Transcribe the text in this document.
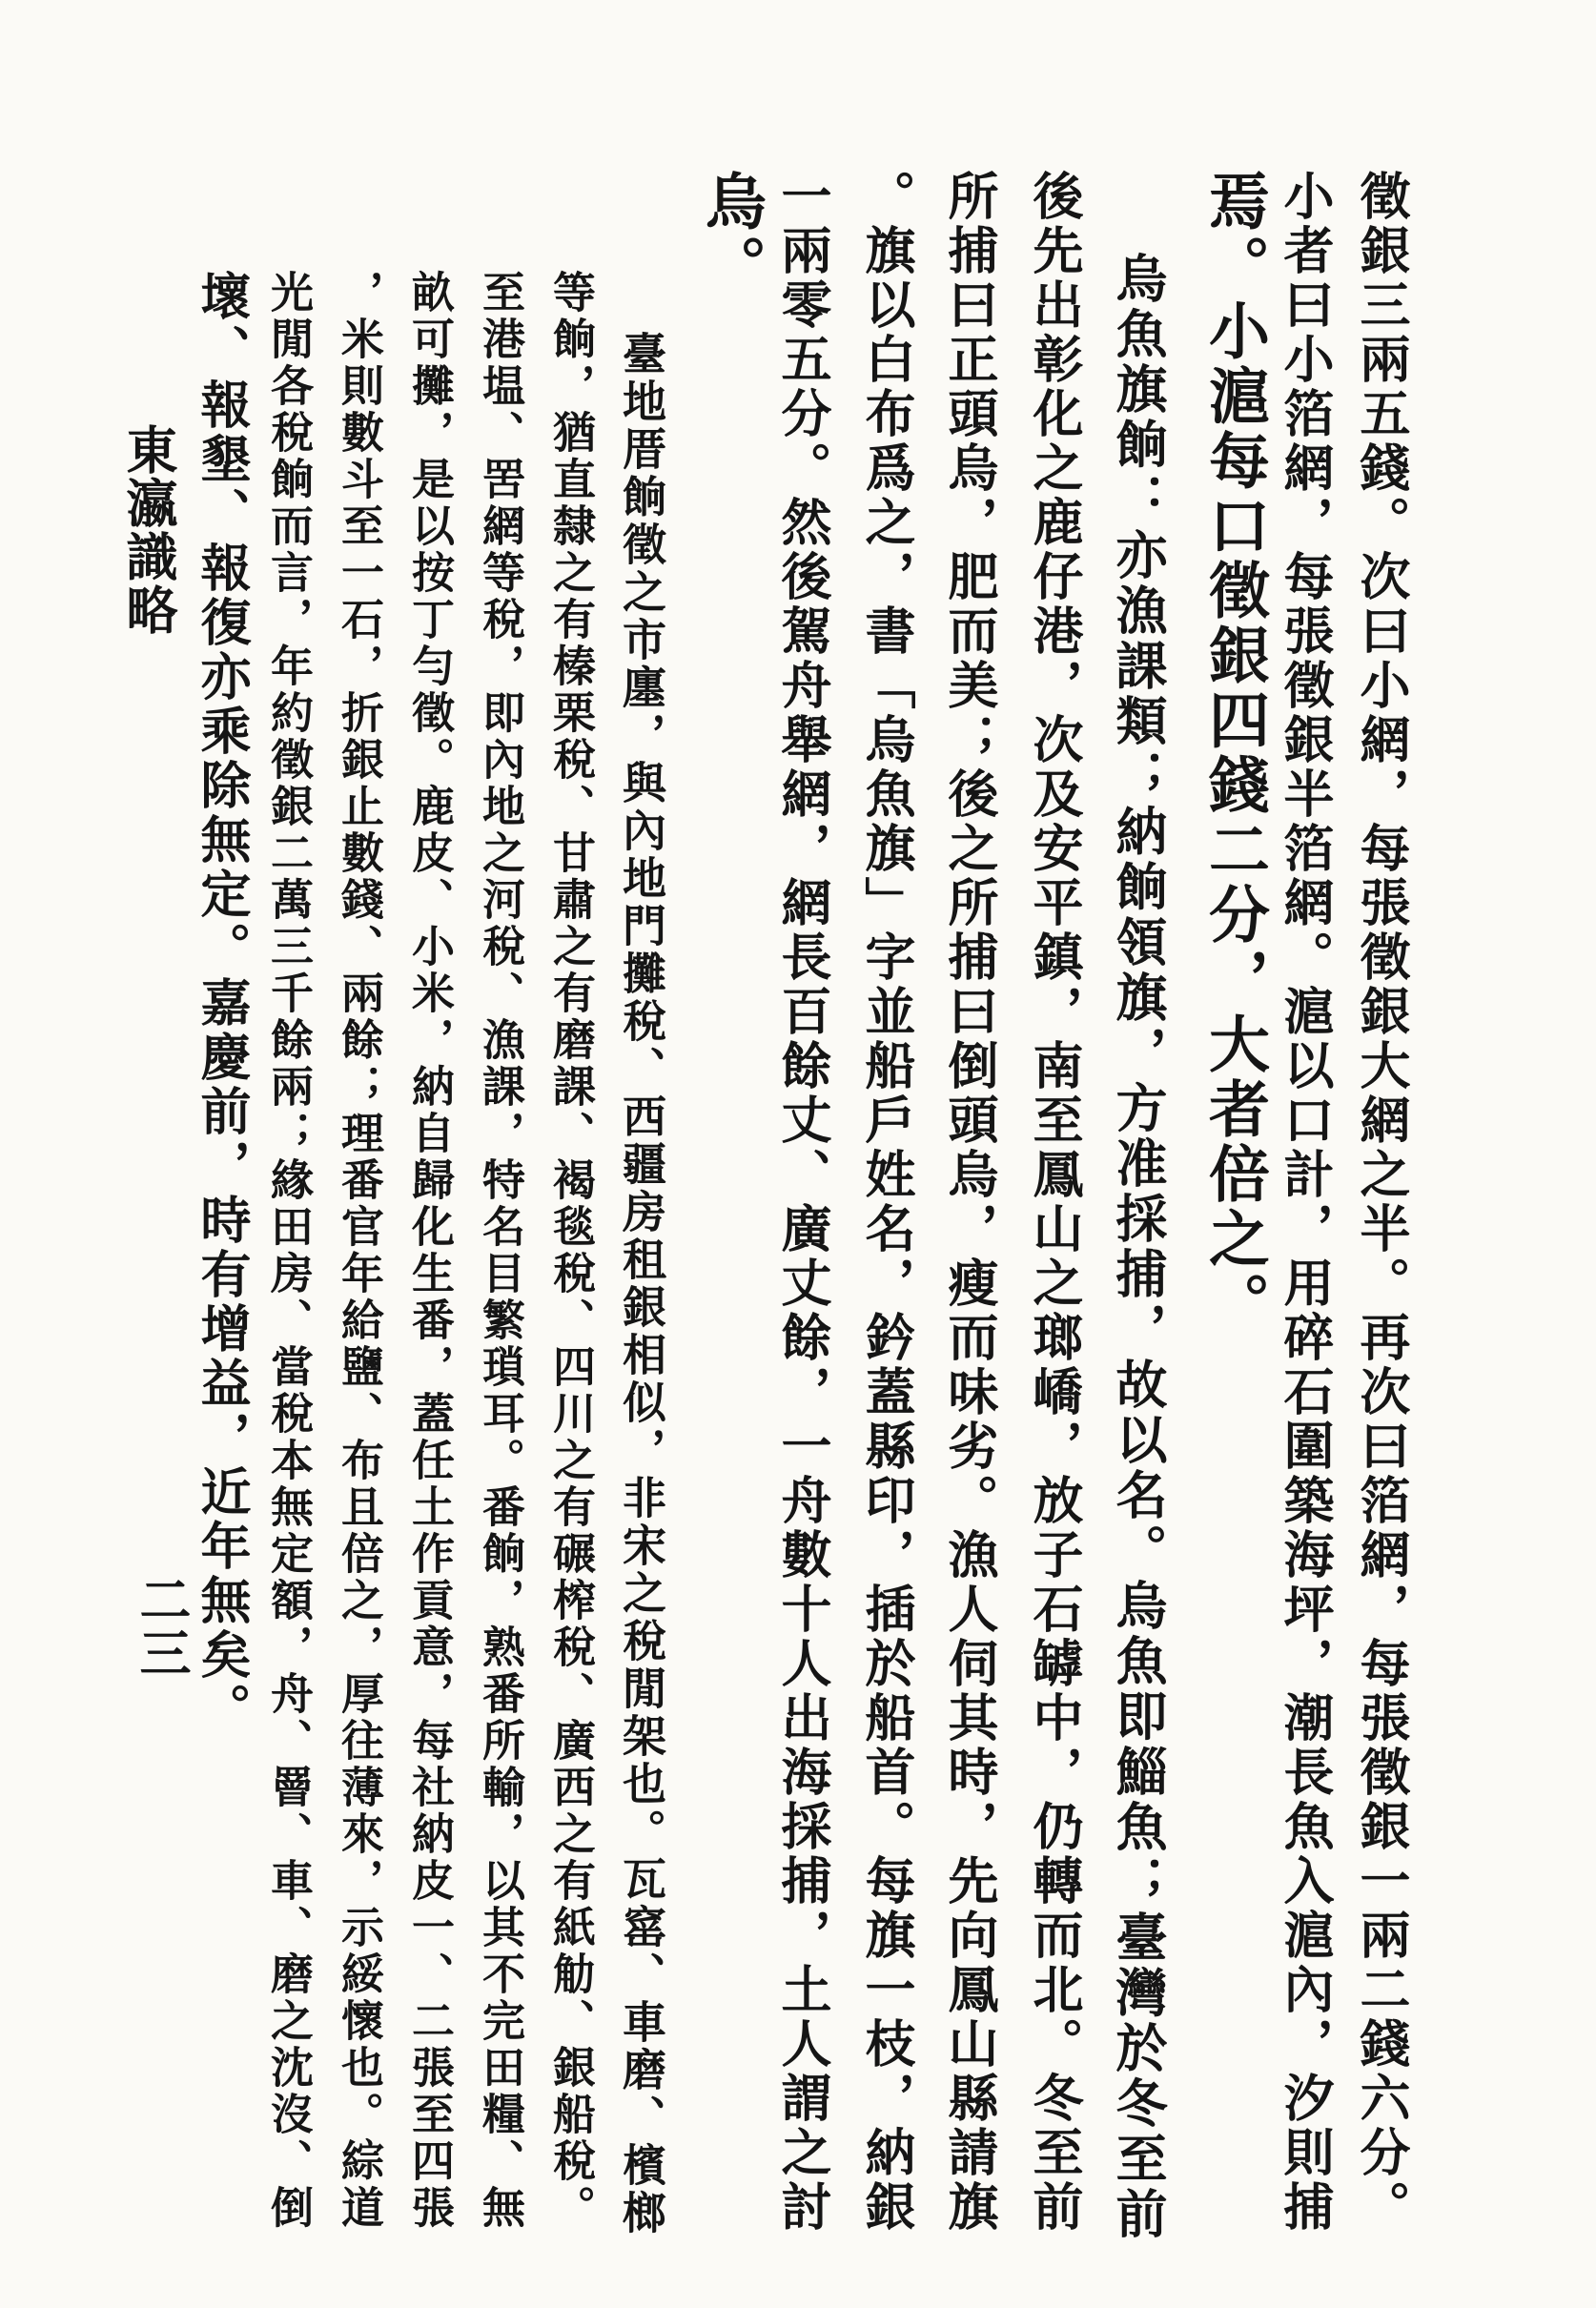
徵銀三兩五錢。次曰小網，每張徵銀大網之半。再次曰箔網，每張徵銀一兩二錢六分。
小者曰小箔網，每張徵銀半箔網。滬以口計，用碎石圍築海坪，潮長魚入滬內，汐則捕
焉。小滬每口徵銀四錢二分，大者倍之。
烏魚旗餉：亦漁課類；納餉領旗，方准採捕，故以名。烏魚即鯔魚；臺灣於冬至前
後先出彰化之鹿仔港，次及安平鎮，南至鳳山之瑯嶠，放子石罅中，仍轉而北。冬至前
所捕曰正頭烏，肥而美；後之所捕曰倒頭烏，瘦而味劣。漁人伺其時，先向鳳山縣請旗
。旗以白布爲之，書「烏魚旗」字並船戶姓名，鈐蓋縣印，插於船首。每旗一枝，納銀
一兩零五分。然後駕舟舉網，網長百餘丈、廣丈餘，一舟數十人出海採捕，土人謂之討
烏。
臺地厝餉徵之市廛，與內地門攤稅、西疆房租銀相似，非宋之稅閒架也。瓦窰、車磨、檳榔
等餉，猶直隸之有榛栗稅、甘肅之有磨課、褐毯稅、四川之有碾榨稅、廣西之有紙觔、銀船稅。
至港塭、罟網等稅，即內地之河稅、漁課，特名目繁瑣耳。番餉，熟番所輸，以其不完田糧、無
畝可攤，是以按丁勻徵。鹿皮、小米，納自歸化生番，蓋任土作貢意，每社納皮一、二張至四張
，米則數斗至一石，折銀止數錢、兩餘；理番官年給鹽、布且倍之，厚往薄來，示綏懷也。綜道
光閒各稅餉而言，年約徵銀二萬三千餘兩；緣田房、當稅本無定額，舟、罾、車、磨之沈沒、倒
壞、報墾、報復亦乘除無定。嘉慶前，時有增益，近年無矣。
東瀛識略
二三
